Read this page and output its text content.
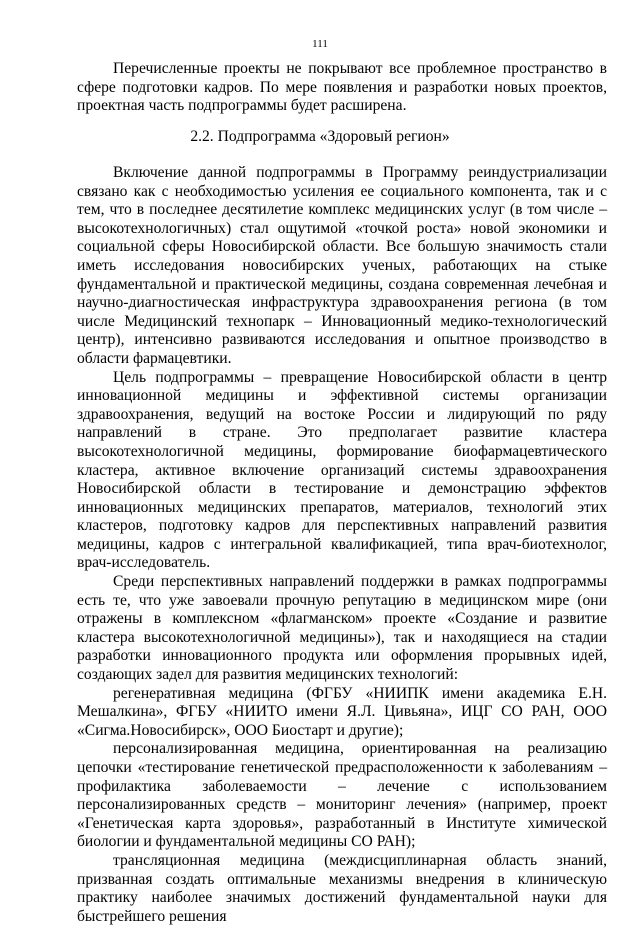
111

Перечисленные проекты не покрывают все проблемное пространство в сфере подготовки кадров. По мере появления и разработки новых проектов, проектная часть подпрограммы будет расширена.

2.2. Подпрограмма «Здоровый регион»

Включение данной подпрограммы в Программу реиндустриализации связано как с необходимостью усиления ее социального компонента, так и с тем, что в последнее десятилетие комплекс медицинских услуг (в том числе – высокотехнологичных) стал ощутимой «точкой роста» новой экономики и социальной сферы Новосибирской области. Все большую значимость стали иметь исследования новосибирских ученых, работающих на стыке фундаментальной и практической медицины, создана современная лечебная и научно-диагностическая инфраструктура здравоохранения региона (в том числе Медицинский технопарк – Инновационный медико-технологический центр), интенсивно развиваются исследования и опытное производство в области фармацевтики.

Цель подпрограммы – превращение Новосибирской области в центр инновационной медицины и эффективной системы организации здравоохранения, ведущий на востоке России и лидирующий по ряду направлений в стране. Это предполагает развитие кластера высокотехнологичной медицины, формирование биофармацевтического кластера, активное включение организаций системы здравоохранения Новосибирской области в тестирование и демонстрацию эффектов инновационных медицинских препаратов, материалов, технологий этих кластеров, подготовку кадров для перспективных направлений развития медицины, кадров с интегральной квалификацией, типа врач-биотехнолог, врач-исследователь.

Среди перспективных направлений поддержки в рамках подпрограммы есть те, что уже завоевали прочную репутацию в медицинском мире (они отражены в комплексном «флагманском» проекте «Создание и развитие кластера высокотехнологичной медицины»), так и находящиеся на стадии разработки инновационного продукта или оформления прорывных идей, создающих задел для развития медицинских технологий:

регенеративная медицина (ФГБУ «НИИПК имени академика Е.Н. Мешалкина», ФГБУ «НИИТО имени Я.Л. Цивьяна», ИЦГ СО РАН, ООО «Сигма.Новосибирск», ООО Биостарт и другие);

персонализированная медицина, ориентированная на реализацию цепочки «тестирование генетической предрасположенности к заболеваниям – профилактика заболеваемости – лечение с использованием персонализированных средств – мониторинг лечения» (например, проект «Генетическая карта здоровья», разработанный в Институте химической биологии и фундаментальной медицины СО РАН);

трансляционная медицина (междисциплинарная область знаний, призванная создать оптимальные механизмы внедрения в клиническую практику наиболее значимых достижений фундаментальной науки для быстрейшего решения
